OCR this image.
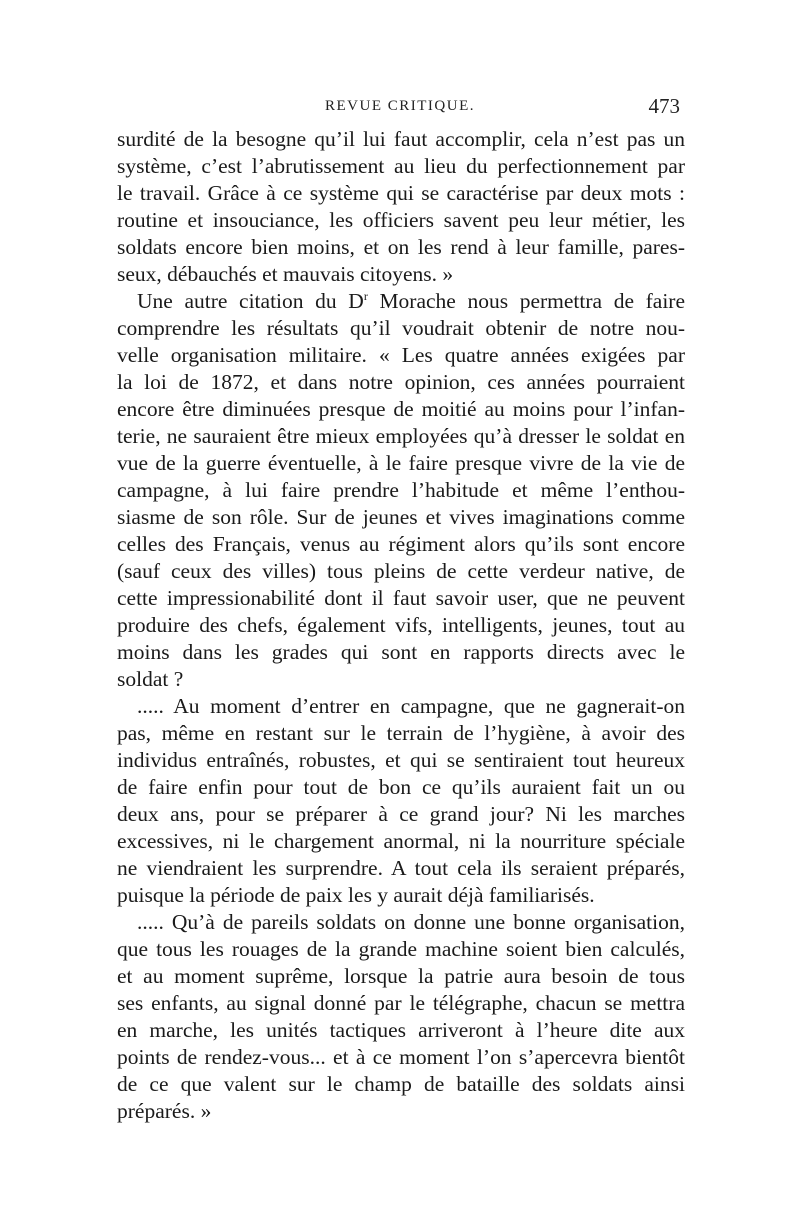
REVUE CRITIQUE.	473
surdité de la besogne qu’il lui faut accomplir, cela n’est pas un
système, c’est l’abrutissement au lieu du perfectionnement par
le travail. Grâce à ce système qui se caractérise par deux mots :
routine et insouciance, les officiers savent peu leur métier, les
soldats encore bien moins, et on les rend à leur famille, pares-
seux, débauchés et mauvais citoyens. »
Une autre citation du $D^r$ Morache nous permettra de faire
comprendre les résultats qu’il voudrait obtenir de notre nou-
velle organisation militaire. « Les quatre années exigées par
la loi de 1872, et dans notre opinion, ces années pourraient
encore être diminuées presque de moitié au moins pour l’infan-
terie, ne sauraient être mieux employées qu’à dresser le soldat en
vue de la guerre éventuelle, à le faire presque vivre de la vie de
campagne, à lui faire prendre l’habitude et même l’enthou-
siasme de son rôle. Sur de jeunes et vives imaginations comme
celles des Français, venus au régiment alors qu’ils sont encore
(sauf ceux des villes) tous pleins de cette verdeur native, de
cette impressionabilité dont il faut savoir user, que ne peuvent
produire des chefs, également vifs, intelligents, jeunes, tout au
moins dans les grades qui sont en rapports directs avec le
soldat ?
..... Au moment d’entrer en campagne, que ne gagnerait-on
pas, même en restant sur le terrain de l’hygiène, à avoir des
individus entraînés, robustes, et qui se sentiraient tout heureux
de faire enfin pour tout de bon ce qu’ils auraient fait un ou
deux ans, pour se préparer à ce grand jour? Ni les marches
excessives, ni le chargement anormal, ni la nourriture spéciale
ne viendraient les surprendre. A tout cela ils seraient préparés,
puisque la période de paix les y aurait déjà familiarisés.
..... Qu’à de pareils soldats on donne une bonne organisation,
que tous les rouages de la grande machine soient bien calculés,
et au moment suprême, lorsque la patrie aura besoin de tous
ses enfants, au signal donné par le télégraphe, chacun se mettra
en marche, les unités tactiques arriveront à l’heure dite aux
points de rendez-vous... et à ce moment l’on s’apercevra bientôt
de ce que valent sur le champ de bataille des soldats ainsi
préparés. »
